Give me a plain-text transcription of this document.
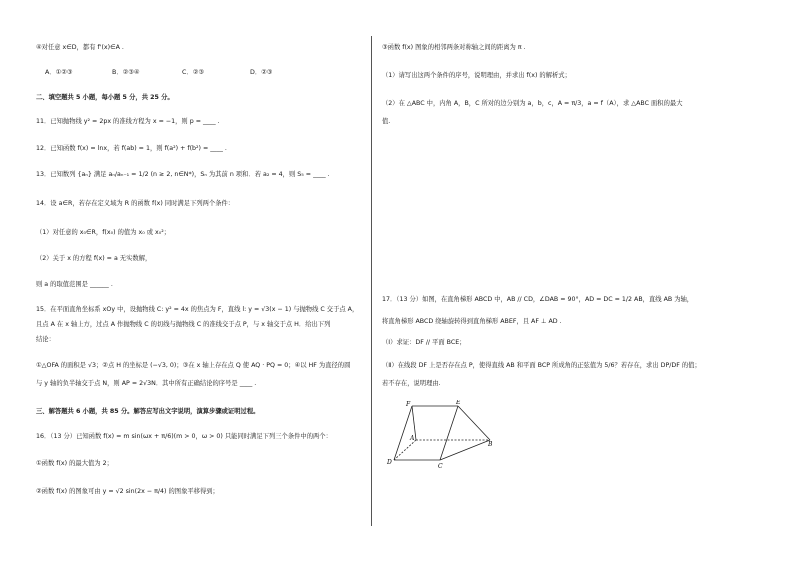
④对任意 x∈D，都有 f'(x)∈A .
A．①②③	B．②③④	C．②③	D．②③
二、填空题共 5 小题，每小题 5 分，共 25 分。
11．已知抛物线 y² = 2px 的准线方程为 x = −1，则 p = ____ .
12．已知函数 f(x) = lnx，若 f(ab) = 1，则 f(a²) + f(b²) = ____ .
13．已知数列 {aₙ} 满足 aₙ/aₙ₋₁ = 1/2 (n ≥ 2, n∈N*)，Sₙ 为其前 n 项和．若 a₂ = 4，则 S₅ = ____ .
14．设 a∈R，若存在定义域为 R 的函数 f(x) 同时满足下列两个条件：
（1）对任意的 x₀∈R，f(x₀) 的值为 x₀ 或 x₀²；
（2）关于 x 的方程 f(x) = a 无实数解，
则 a 的取值范围是 ______ .
15．在平面直角坐标系 xOy 中，设抛物线 C: y² = 4x 的焦点为 F，直线 l: y = √3(x − 1) 与抛物线 C 交于点 A，
且点 A 在 x 轴上方，过点 A 作抛物线 C 的切线与抛物线 C 的准线交于点 P，与 x 轴交于点 H．给出下列
结论：
①△OFA 的面积是 √3；②点 H 的坐标是 (−√3, 0)；③在 x 轴上存在点 Q 使 AQ · PQ = 0；④以 HF 为直径的圆
与 y 轴的负半轴交于点 N，则 AP = 2√3N．其中所有正确结论的序号是 ____ .
三、解答题共 6 小题，共 85 分。解答应写出文字说明，演算步骤或证明过程。
16．（13 分）已知函数 f(x) = m sin(ωx + π/6)(m > 0，ω > 0) 只能同时满足下列三个条件中的两个：
①函数 f(x) 的最大值为 2；
②函数 f(x) 的图象可由 y = √2 sin(2x − π/4) 的图象平移得到；
③函数 f(x) 图象的相邻两条对称轴之间的距离为 π .
（1）请写出这两个条件的序号，说明理由，并求出 f(x) 的解析式；
（2）在 △ABC 中，内角 A，B，C 所对的边分别为 a，b，c，A = π/3，a = f（A），求 △ABC 面积的最大
值.
17．（13 分）如图，在直角梯形 ABCD 中，AB // CD，∠DAB = 90°，AD = DC = 1/2 AB，直线 AB 为轴，
将直角梯形 ABCD 绕轴旋转得到直角梯形 ABEF，且 AF ⊥ AD .
（Ⅰ）求证：DF // 平面 BCE；
（Ⅱ）在线段 DF 上是否存在点 P，使得直线 AB 和平面 BCP 所成角的正弦值为 5/6？若存在，求出 DP/DF 的值；
若不存在，说明理由.
F	E
A
B
C
D
